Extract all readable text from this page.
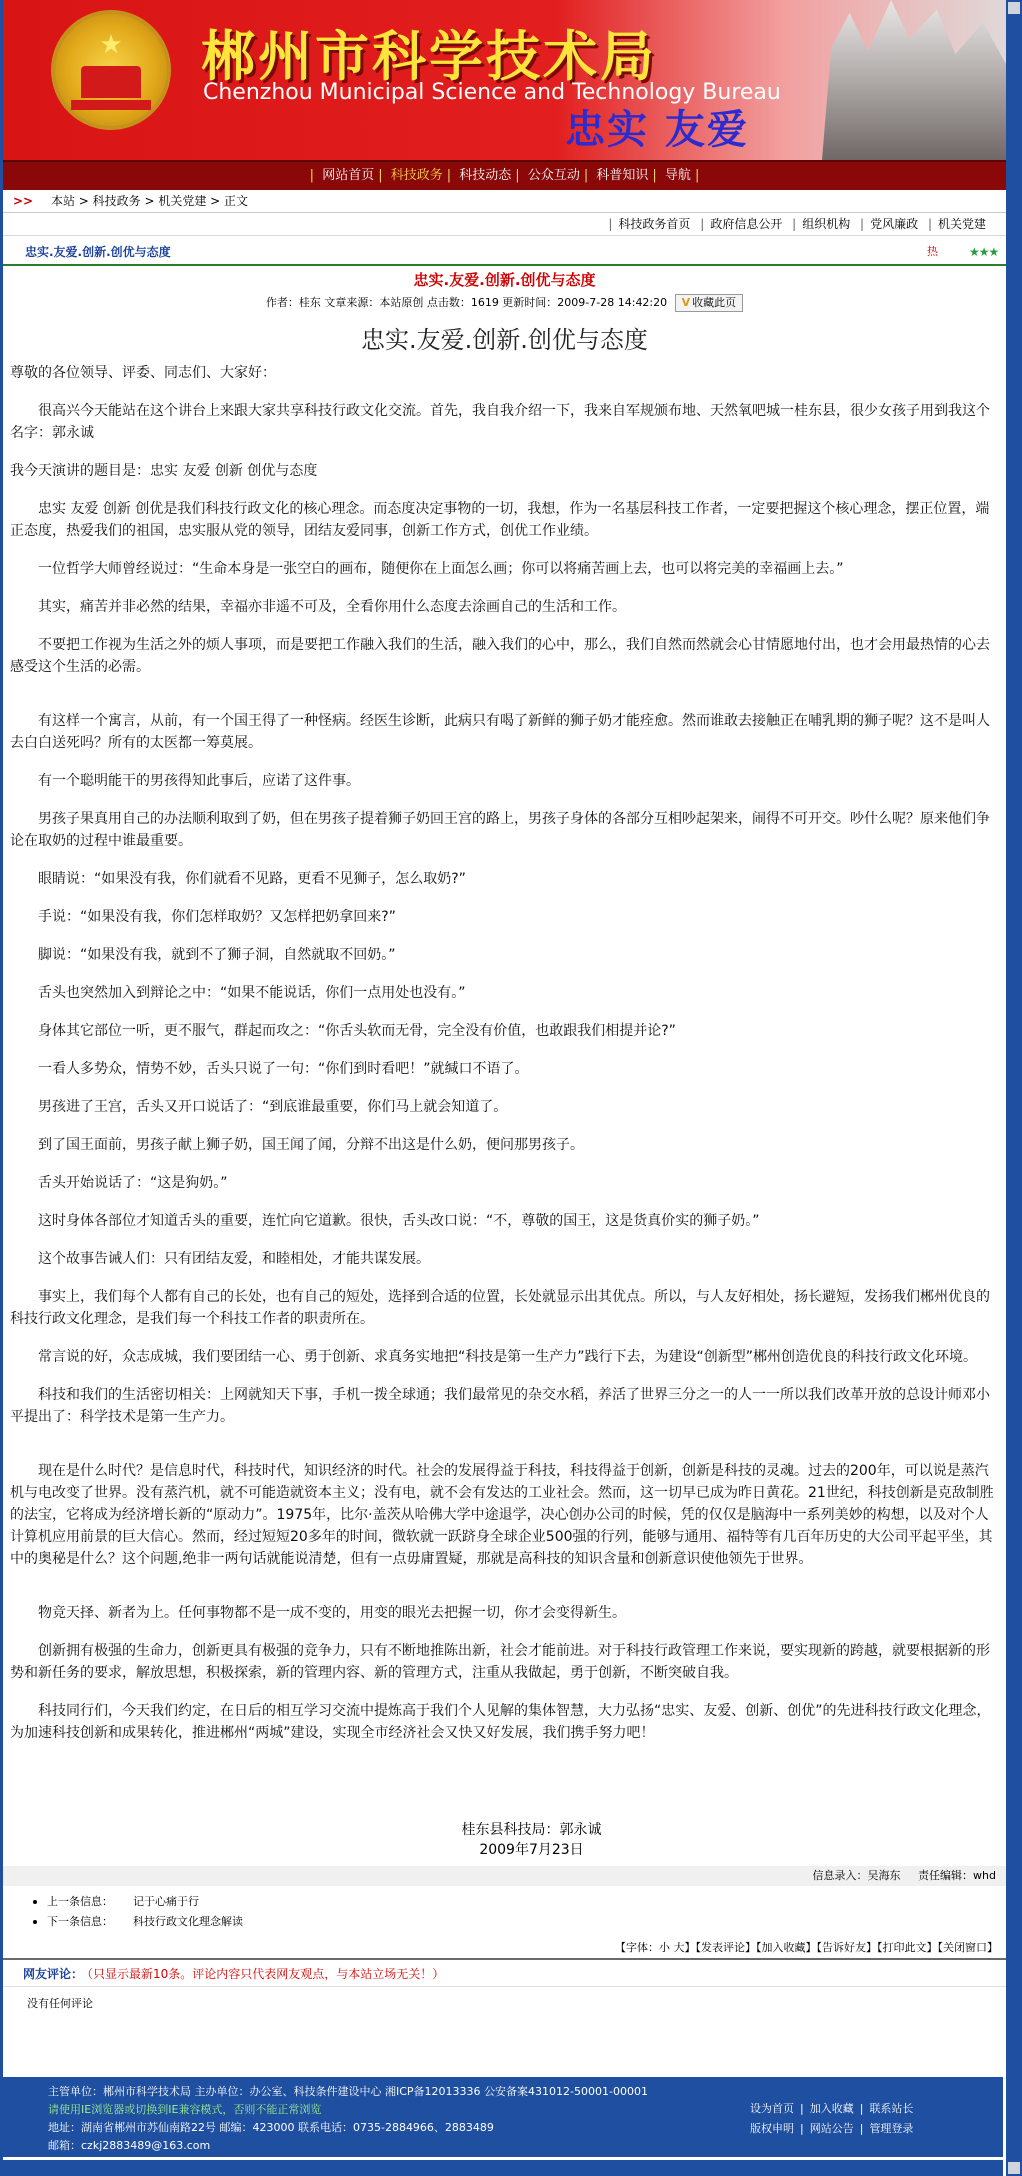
★	郴州市科学技术局
Chenzhou Municipal Science and Technology Bureau
忠实 友爱
| 网站首页 | 科技政务 | 科技动态 | 公众互动 | 科普知识 | 导航 |
>> 本站 > 科技政务 > 机关党建 > 正文
| 科技政务首页 | 政府信息公开 | 组织机构 | 党风廉政 | 机关党建
忠实.友爱.创新.创优与态度	热	★★★
忠实.友爱.创新.创优与态度
作者：桂东 文章来源：本站原创 点击数：1619 更新时间：2009-7-28 14:42:20 V 收藏此页
忠实.友爱.创新.创优与态度

尊敬的各位领导、评委、同志们、大家好：

很高兴今天能站在这个讲台上来跟大家共享科技行政文化交流。首先，我自我介绍一下，我来自军规颁布地、天然氧吧城一桂东县，很少女孩子用到我这个名字：郭永诚

我今天演讲的题目是：忠实 友爱 创新 创优与态度

忠实 友爱 创新 创优是我们科技行政文化的核心理念。而态度决定事物的一切，我想，作为一名基层科技工作者，一定要把握这个核心理念，摆正位置，端正态度，热爱我们的祖国，忠实服从党的领导，团结友爱同事，创新工作方式，创优工作业绩。

一位哲学大师曾经说过：“生命本身是一张空白的画布，随便你在上面怎么画；你可以将痛苦画上去，也可以将完美的幸福画上去。”

其实，痛苦并非必然的结果，幸福亦非遥不可及，全看你用什么态度去涂画自己的生活和工作。

不要把工作视为生活之外的烦人事项，而是要把工作融入我们的生活，融入我们的心中，那么，我们自然而然就会心甘情愿地付出，也才会用最热情的心去感受这个生活的必需。

有这样一个寓言，从前，有一个国王得了一种怪病。经医生诊断，此病只有喝了新鲜的狮子奶才能痊愈。然而谁敢去接触正在哺乳期的狮子呢？这不是叫人去白白送死吗？所有的太医都一筹莫展。

有一个聪明能干的男孩得知此事后，应诺了这件事。

男孩子果真用自己的办法顺利取到了奶，但在男孩子提着狮子奶回王宫的路上，男孩子身体的各部分互相吵起架来，闹得不可开交。吵什么呢？原来他们争论在取奶的过程中谁最重要。

眼睛说：“如果没有我，你们就看不见路，更看不见狮子，怎么取奶?”

手说：“如果没有我，你们怎样取奶？又怎样把奶拿回来?”

脚说：“如果没有我，就到不了狮子洞，自然就取不回奶。”

舌头也突然加入到辩论之中：“如果不能说话，你们一点用处也没有。”

身体其它部位一听，更不服气，群起而攻之：“你舌头软而无骨，完全没有价值，也敢跟我们相提并论?”

一看人多势众，情势不妙，舌头只说了一句：“你们到时看吧！”就缄口不语了。

男孩进了王宫，舌头又开口说话了：“到底谁最重要，你们马上就会知道了。

到了国王面前，男孩子献上狮子奶，国王闻了闻，分辩不出这是什么奶，便问那男孩子。

舌头开始说话了：“这是狗奶。”

这时身体各部位才知道舌头的重要，连忙向它道歉。很快，舌头改口说：“不，尊敬的国王，这是货真价实的狮子奶。”

这个故事告诫人们：只有团结友爱，和睦相处，才能共谋发展。

事实上，我们每个人都有自己的长处，也有自己的短处，选择到合适的位置，长处就显示出其优点。所以，与人友好相处，扬长避短，发扬我们郴州优良的科技行政文化理念，是我们每一个科技工作者的职责所在。

常言说的好，众志成城，我们要团结一心、勇于创新、求真务实地把“科技是第一生产力”践行下去，为建设“创新型”郴州创造优良的科技行政文化环境。

科技和我们的生活密切相关：上网就知天下事，手机一拨全球通；我们最常见的杂交水稻，养活了世界三分之一的人一一所以我们改革开放的总设计师邓小平提出了：科学技术是第一生产力。

现在是什么时代？是信息时代，科技时代，知识经济的时代。社会的发展得益于科技，科技得益于创新，创新是科技的灵魂。过去的200年，可以说是蒸汽机与电改变了世界。没有蒸汽机，就不可能造就资本主义；没有电，就不会有发达的工业社会。然而，这一切早已成为昨日黄花。21世纪，科技创新是克敌制胜的法宝，它将成为经济增长新的“原动力”。1975年，比尔·盖茨从哈佛大学中途退学，决心创办公司的时候，凭的仅仅是脑海中一系列美妙的构想，以及对个人计算机应用前景的巨大信心。然而，经过短短20多年的时间，微软就一跃跻身全球企业500强的行列，能够与通用、福特等有几百年历史的大公司平起平坐，其中的奥秘是什么？这个问题,绝非一两句话就能说清楚，但有一点毋庸置疑，那就是高科技的知识含量和创新意识使他领先于世界。

物竞天择、新者为上。任何事物都不是一成不变的，用变的眼光去把握一切，你才会变得新生。

创新拥有极强的生命力，创新更具有极强的竞争力，只有不断地推陈出新，社会才能前进。对于科技行政管理工作来说，要实现新的跨越，就要根据新的形势和新任务的要求，解放思想，积极探索，新的管理内容、新的管理方式，注重从我做起，勇于创新，不断突破自我。

科技同行们，今天我们约定，在日后的相互学习交流中提炼高于我们个人见解的集体智慧，大力弘扬“忠实、友爱、创新、创优”的先进科技行政文化理念，为加速科技创新和成果转化，推进郴州“两城”建设，实现全市经济社会又快又好发展，我们携手努力吧！

桂东县科技局：郭永诚
2009年7月23日
信息录入：吴海东 责任编辑：whd
上一条信息： 记于心痛于行
下一条信息： 科技行政文化理念解读
【字体：小 大】【发表评论】【加入收藏】【告诉好友】【打印此文】【关闭窗口】
网友评论： （只显示最新10条。评论内容只代表网友观点，与本站立场无关！）
没有任何评论
主管单位：郴州市科学技术局 主办单位：办公室、科技条件建设中心 湘ICP备12013336 公安备案431012-50001-00001
请使用IE浏览器或切换到IE兼容模式，否则不能正常浏览
地址：湖南省郴州市苏仙南路22号 邮编：423000 联系电话：0735-2884966、2883489
邮箱：czkj2883489@163.com
设为首页 | 加入收藏 | 联系站长
版权申明 | 网站公告 | 管理登录
